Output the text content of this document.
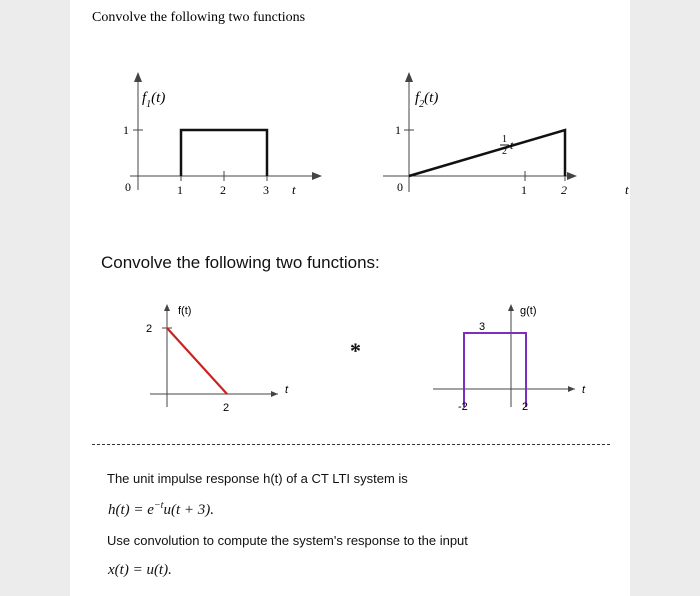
Convolve the following two functions
1
0	1	2	3 t
$f_1(t)$
1
0	1	2	t
1
2 t
$f_2(t)$
Convolve the following two functions:
2
2
t
f(t)
*
3
-2	2
t
g(t)
The unit impulse response h(t) of a CT LTI system is
$h(t) = e^{-t}u(t + 3)$.
Use convolution to compute the system's response to the input
x(t) = u(t).
